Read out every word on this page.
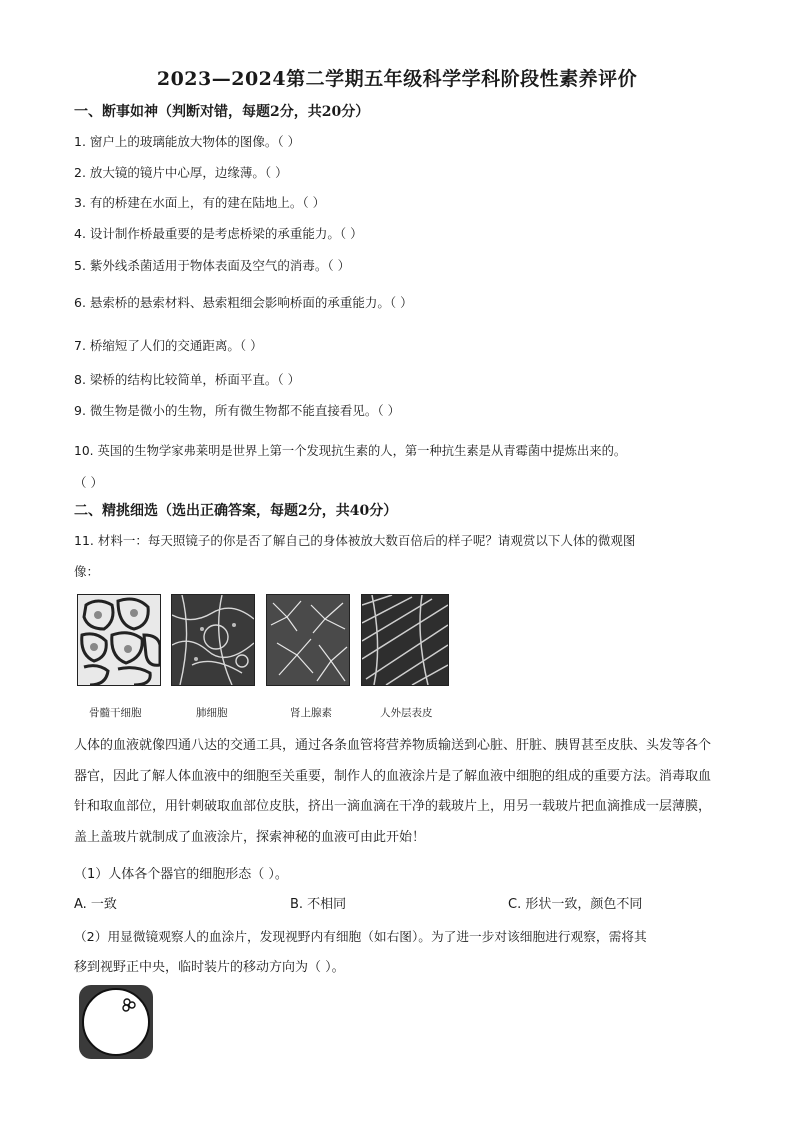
2023—2024第二学期五年级科学学科阶段性素养评价
一、断事如神（判断对错，每题2分，共20分）
1. 窗户上的玻璃能放大物体的图像。（ ）
2. 放大镜的镜片中心厚，边缘薄。（ ）
3. 有的桥建在水面上，有的建在陆地上。（ ）
4. 设计制作桥最重要的是考虑桥梁的承重能力。（ ）
5. 紫外线杀菌适用于物体表面及空气的消毒。（ ）
6. 悬索桥的悬索材料、悬索粗细会影响桥面的承重能力。（ ）
7. 桥缩短了人们的交通距离。（ ）
8. 梁桥的结构比较简单，桥面平直。（ ）
9. 微生物是微小的生物，所有微生物都不能直接看见。（ ）
10. 英国的生物学家弗莱明是世界上第一个发现抗生素的人，第一种抗生素是从青霉菌中提炼出来的。
（ ）
二、精挑细选（选出正确答案，每题2分，共40分）
11. 材料一：每天照镜子的你是否了解自己的身体被放大数百倍后的样子呢？请观赏以下人体的微观图
像：
骨髓干细胞	肺细胞	肾上腺素	人外层表皮
人体的血液就像四通八达的交通工具，通过各条血管将营养物质输送到心脏、肝脏、胰胃甚至皮肤、头发等各个器官，因此了解人体血液中的细胞至关重要，制作人的血液涂片是了解血液中细胞的组成的重要方法。消毒取血针和取血部位，用针刺破取血部位皮肤，挤出一滴血滴在干净的载玻片上，用另一载玻片把血滴推成一层薄膜，盖上盖玻片就制成了血液涂片，探索神秘的血液可由此开始！
（1）人体各个器官的细胞形态（ ）。
A. 一致	B. 不相同	C. 形状一致，颜色不同
（2）用显微镜观察人的血涂片，发现视野内有细胞（如右图）。为了进一步对该细胞进行观察，需将其
移到视野正中央，临时装片的移动方向为（ ）。
